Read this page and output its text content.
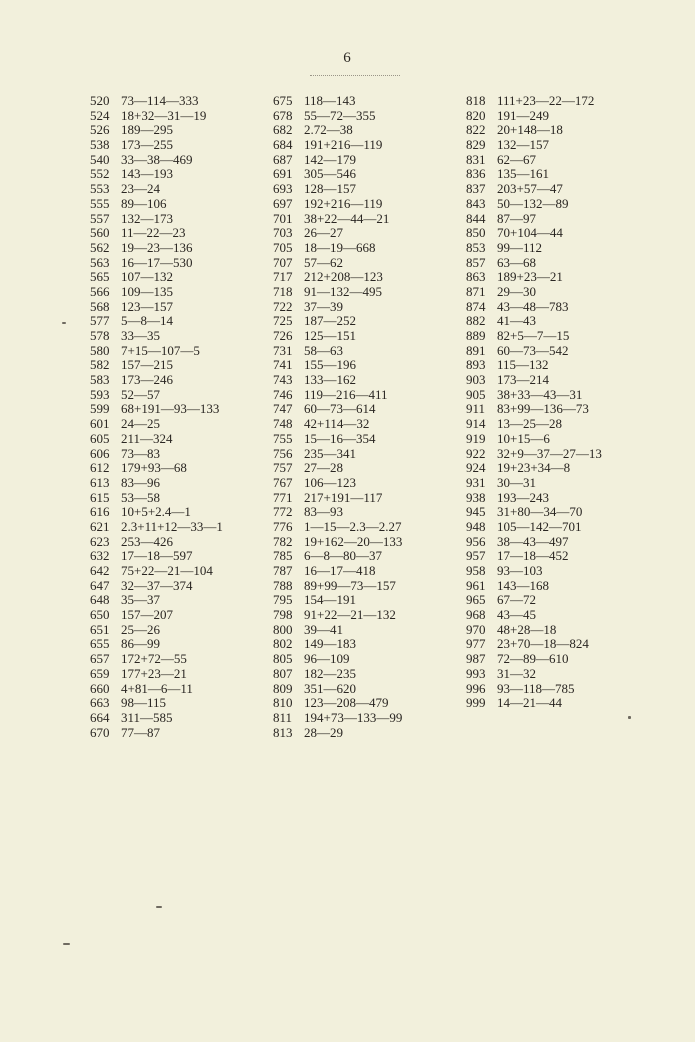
6
520 73—114—333
524 18+32—31—19
526 189—295
538 173—255
540 33—38—469
552 143—193
553 23—24
555 89—106
557 132—173
560 11—22—23
562 19—23—136
563 16—17—530
565 107—132
566 109—135
568 123—157
577 5—8—14
578 33—35
580 7+15—107—5
582 157—215
583 173—246
593 52—57
599 68+191—93—133
601 24—25
605 211—324
606 73—83
612 179+93—68
613 83—96
615 53—58
616 10+5+2.4—1
621 2.3+11+12—33—1
623 253—426
632 17—18—597
642 75+22—21—104
647 32—37—374
648 35—37
650 157—207
651 25—26
655 86—99
657 172+72—55
659 177+23—21
660 4+81—6—11
663 98—115
664 311—585
670 77—87
675 118—143
678 55—72—355
682 2.72—38
684 191+216—119
687 142—179
691 305—546
693 128—157
697 192+216—119
701 38+22—44—21
703 26—27
705 18—19—668
707 57—62
717 212+208—123
718 91—132—495
722 37—39
725 187—252
726 125—151
731 58—63
741 155—196
743 133—162
746 119—216—411
747 60—73—614
748 42+114—32
755 15—16—354
756 235—341
757 27—28
767 106—123
771 217+191—117
772 83—93
776 1—15—2.3—2.27
782 19+162—20—133
785 6—8—80—37
787 16—17—418
788 89+99—73—157
795 154—191
798 91+22—21—132
800 39—41
802 149—183
805 96—109
807 182—235
809 351—620
810 123—208—479
811 194+73—133—99
813 28—29
818 111+23—22—172
820 191—249
822 20+148—18
829 132—157
831 62—67
836 135—161
837 203+57—47
843 50—132—89
844 87—97
850 70+104—44
853 99—112
857 63—68
863 189+23—21
871 29—30
874 43—48—783
882 41—43
889 82+5—7—15
891 60—73—542
893 115—132
903 173—214
905 38+33—43—31
911 83+99—136—73
914 13—25—28
919 10+15—6
922 32+9—37—27—13
924 19+23+34—8
931 30—31
938 193—243
945 31+80—34—70
948 105—142—701
956 38—43—497
957 17—18—452
958 93—103
961 143—168
965 67—72
968 43—45
970 48+28—18
977 23+70—18—824
987 72—89—610
993 31—32
996 93—118—785
999 14—21—44
